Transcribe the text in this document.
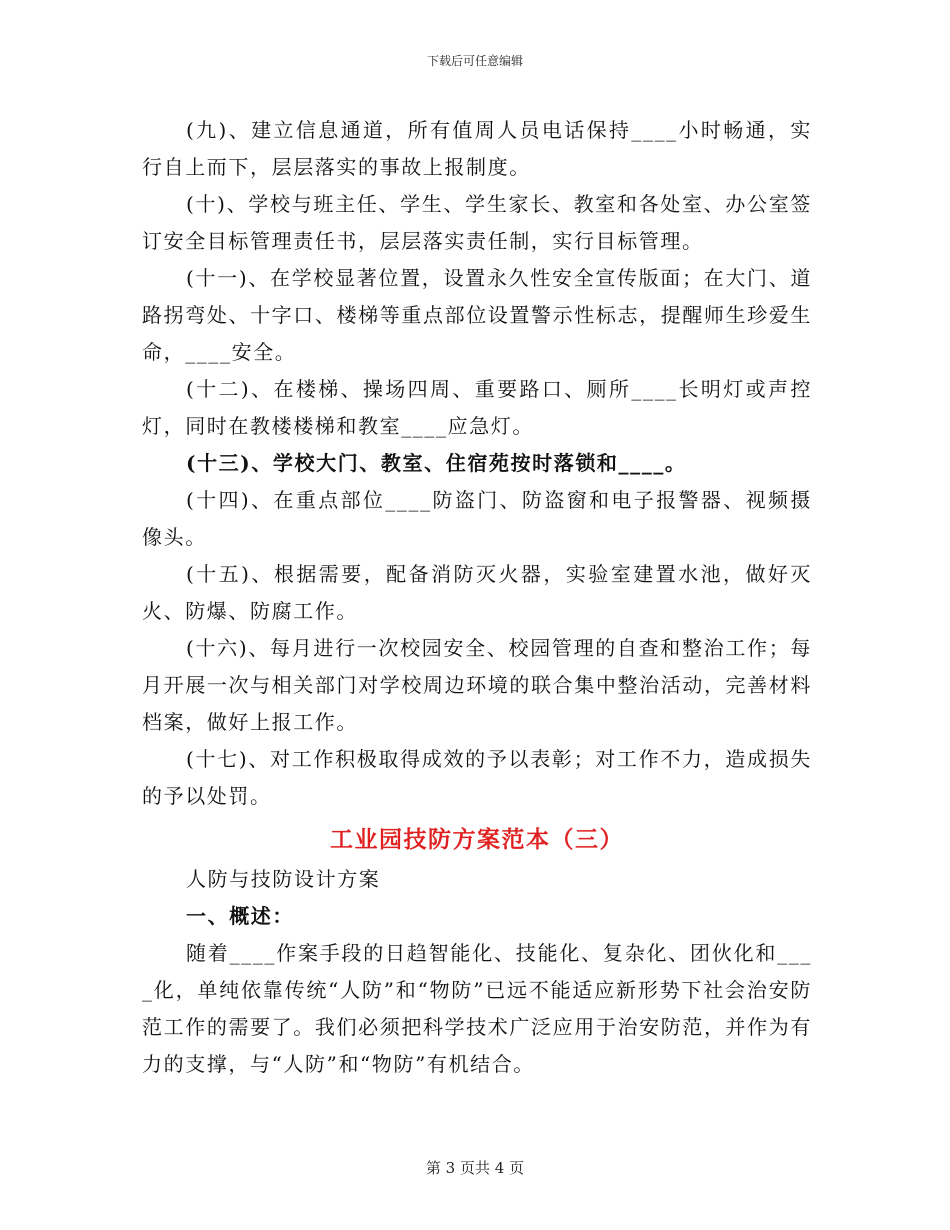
下载后可任意编辑

(九)、建立信息通道，所有值周人员电话保持____小时畅通，实行自上而下，层层落实的事故上报制度。

(十)、学校与班主任、学生、学生家长、教室和各处室、办公室签订安全目标管理责任书，层层落实责任制，实行目标管理。

(十一)、在学校显著位置，设置永久性安全宣传版面；在大门、道路拐弯处、十字口、楼梯等重点部位设置警示性标志，提醒师生珍爱生命，____安全。

(十二)、在楼梯、操场四周、重要路口、厕所____长明灯或声控灯，同时在教楼楼梯和教室____应急灯。

(十三)、学校大门、教室、住宿苑按时落锁和____。

(十四)、在重点部位____防盗门、防盗窗和电子报警器、视频摄像头。

(十五)、根据需要，配备消防灭火器，实验室建置水池，做好灭火、防爆、防腐工作。

(十六)、每月进行一次校园安全、校园管理的自查和整治工作；每月开展一次与相关部门对学校周边环境的联合集中整治活动，完善材料档案，做好上报工作。

(十七)、对工作积极取得成效的予以表彰；对工作不力，造成损失的予以处罚。

工业园技防方案范本（三）

人防与技防设计方案

一、概述：

随着____作案手段的日趋智能化、技能化、复杂化、团伙化和____化，单纯依靠传统“人防”和“物防”已远不能适应新形势下社会治安防范工作的需要了。我们必须把科学技术广泛应用于治安防范，并作为有力的支撑，与“人防”和“物防”有机结合。

第 3 页共 4 页
